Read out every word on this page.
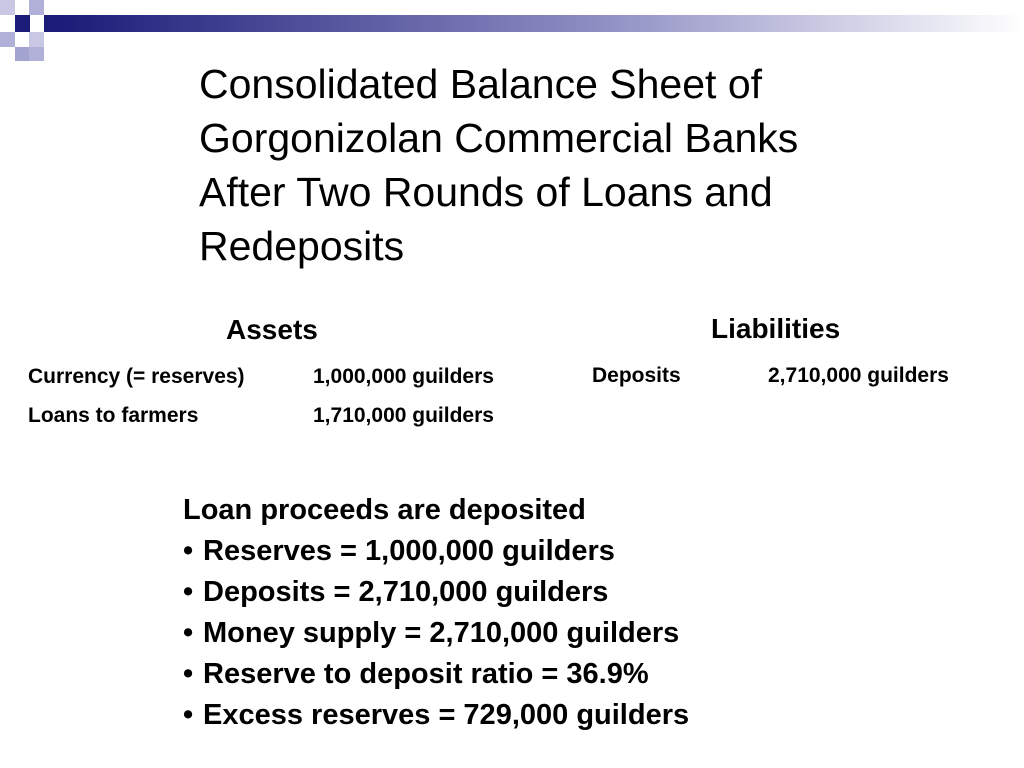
Consolidated Balance Sheet of
Gorgonizolan Commercial Banks
After Two Rounds of Loans and
Redeposits
Assets
Currency (= reserves)	1,000,000 guilders
Loans to farmers	1,710,000 guilders
Liabilities
Deposits	2,710,000 guilders
Loan proceeds are deposited
• Reserves = 1,000,000 guilders
• Deposits = 2,710,000 guilders
• Money supply = 2,710,000 guilders
• Reserve to deposit ratio = 36.9%
• Excess reserves = 729,000 guilders
